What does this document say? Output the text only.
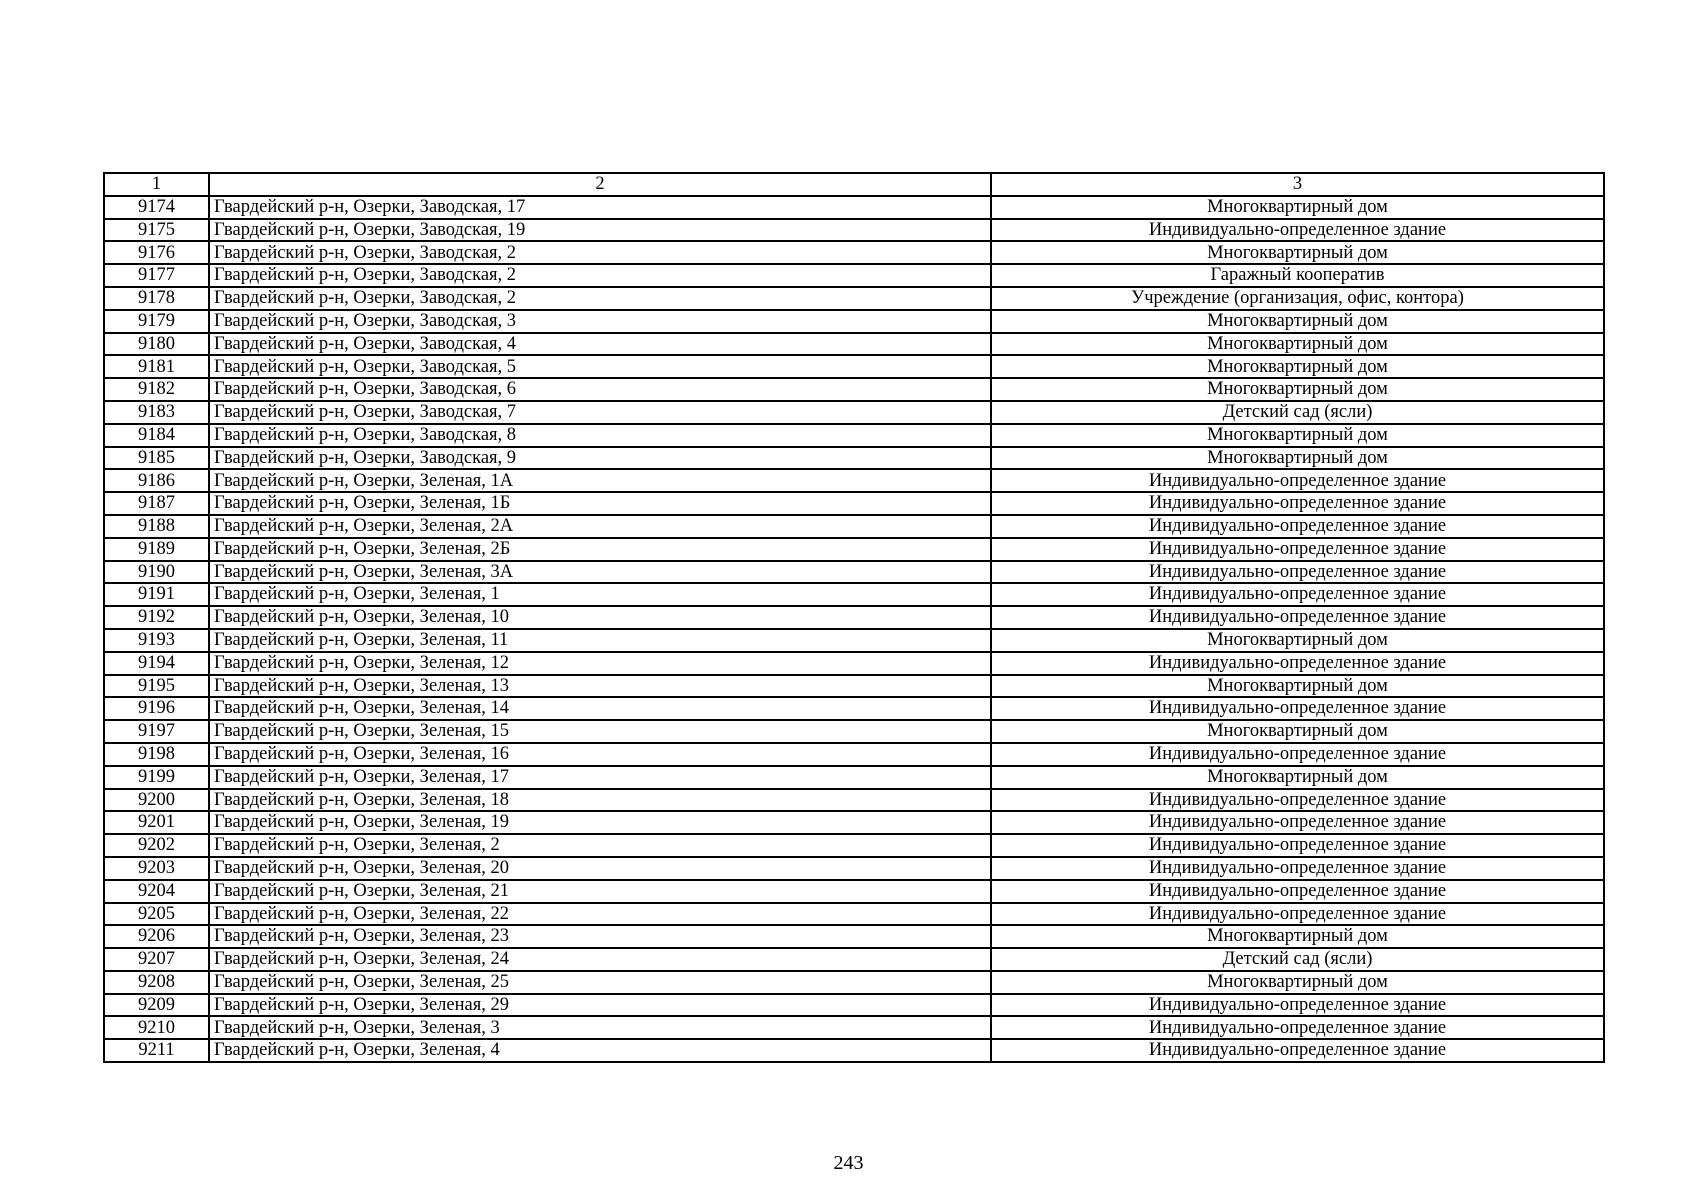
1	2	3
9174	Гвардейский р-н, Озерки, Заводская, 17	Многоквартирный дом
9175	Гвардейский р-н, Озерки, Заводская, 19	Индивидуально-определенное здание
9176	Гвардейский р-н, Озерки, Заводская, 2	Многоквартирный дом
9177	Гвардейский р-н, Озерки, Заводская, 2	Гаражный кооператив
9178	Гвардейский р-н, Озерки, Заводская, 2	Учреждение (организация, офис, контора)
9179	Гвардейский р-н, Озерки, Заводская, 3	Многоквартирный дом
9180	Гвардейский р-н, Озерки, Заводская, 4	Многоквартирный дом
9181	Гвардейский р-н, Озерки, Заводская, 5	Многоквартирный дом
9182	Гвардейский р-н, Озерки, Заводская, 6	Многоквартирный дом
9183	Гвардейский р-н, Озерки, Заводская, 7	Детский сад (ясли)
9184	Гвардейский р-н, Озерки, Заводская, 8	Многоквартирный дом
9185	Гвардейский р-н, Озерки, Заводская, 9	Многоквартирный дом
9186	Гвардейский р-н, Озерки, Зеленая, 1А	Индивидуально-определенное здание
9187	Гвардейский р-н, Озерки, Зеленая, 1Б	Индивидуально-определенное здание
9188	Гвардейский р-н, Озерки, Зеленая, 2А	Индивидуально-определенное здание
9189	Гвардейский р-н, Озерки, Зеленая, 2Б	Индивидуально-определенное здание
9190	Гвардейский р-н, Озерки, Зеленая, 3А	Индивидуально-определенное здание
9191	Гвардейский р-н, Озерки, Зеленая, 1	Индивидуально-определенное здание
9192	Гвардейский р-н, Озерки, Зеленая, 10	Индивидуально-определенное здание
9193	Гвардейский р-н, Озерки, Зеленая, 11	Многоквартирный дом
9194	Гвардейский р-н, Озерки, Зеленая, 12	Индивидуально-определенное здание
9195	Гвардейский р-н, Озерки, Зеленая, 13	Многоквартирный дом
9196	Гвардейский р-н, Озерки, Зеленая, 14	Индивидуально-определенное здание
9197	Гвардейский р-н, Озерки, Зеленая, 15	Многоквартирный дом
9198	Гвардейский р-н, Озерки, Зеленая, 16	Индивидуально-определенное здание
9199	Гвардейский р-н, Озерки, Зеленая, 17	Многоквартирный дом
9200	Гвардейский р-н, Озерки, Зеленая, 18	Индивидуально-определенное здание
9201	Гвардейский р-н, Озерки, Зеленая, 19	Индивидуально-определенное здание
9202	Гвардейский р-н, Озерки, Зеленая, 2	Индивидуально-определенное здание
9203	Гвардейский р-н, Озерки, Зеленая, 20	Индивидуально-определенное здание
9204	Гвардейский р-н, Озерки, Зеленая, 21	Индивидуально-определенное здание
9205	Гвардейский р-н, Озерки, Зеленая, 22	Индивидуально-определенное здание
9206	Гвардейский р-н, Озерки, Зеленая, 23	Многоквартирный дом
9207	Гвардейский р-н, Озерки, Зеленая, 24	Детский сад (ясли)
9208	Гвардейский р-н, Озерки, Зеленая, 25	Многоквартирный дом
9209	Гвардейский р-н, Озерки, Зеленая, 29	Индивидуально-определенное здание
9210	Гвардейский р-н, Озерки, Зеленая, 3	Индивидуально-определенное здание
9211	Гвардейский р-н, Озерки, Зеленая, 4	Индивидуально-определенное здание
243
